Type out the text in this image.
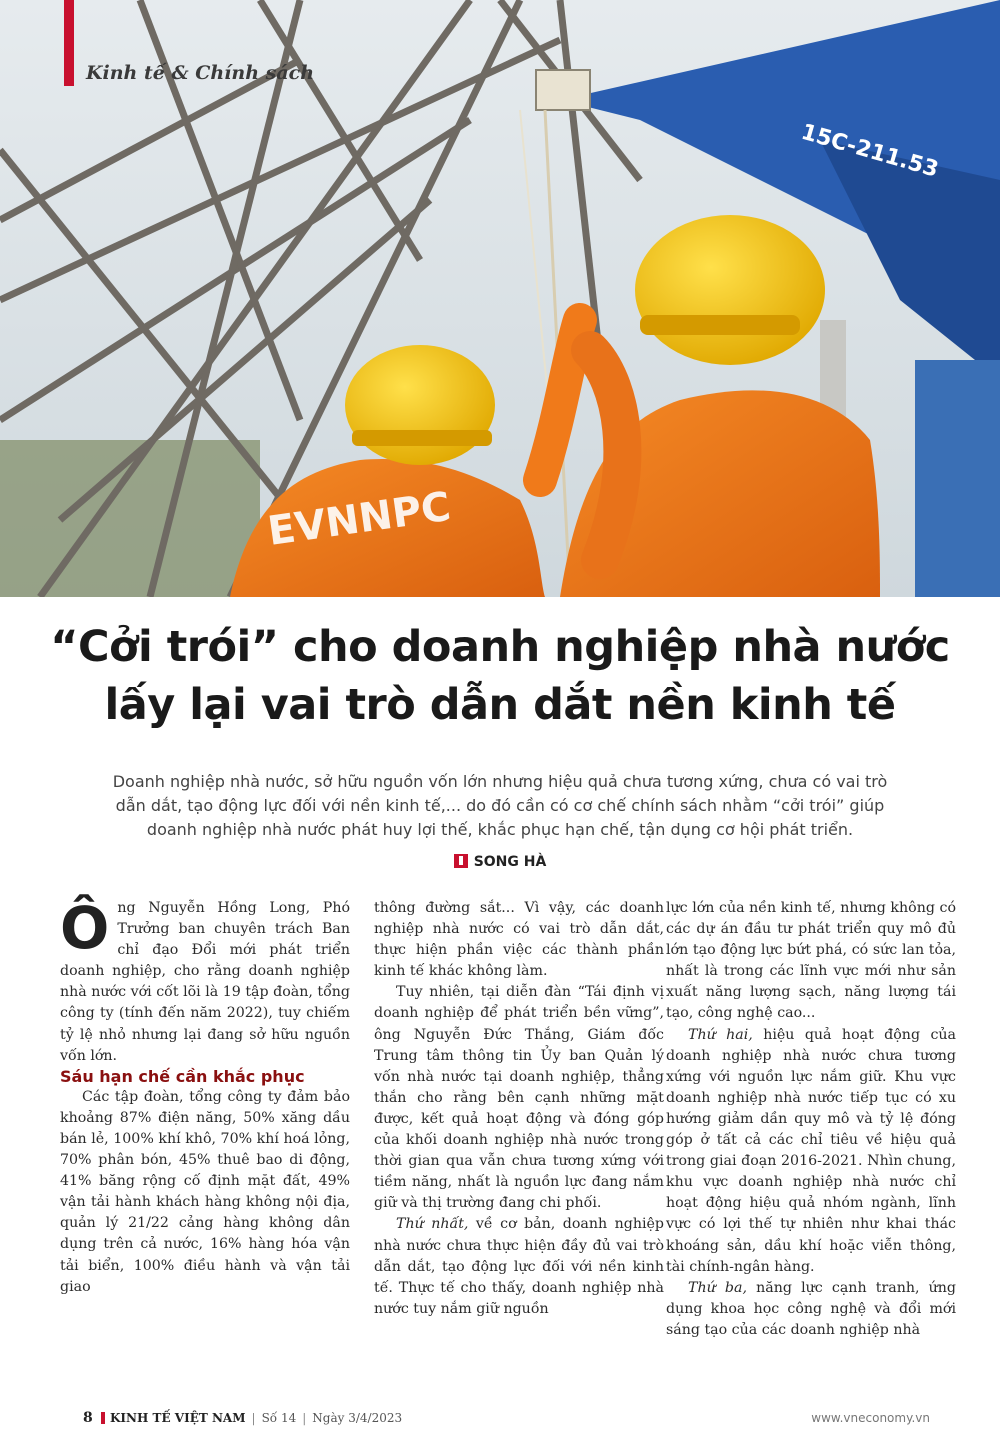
15C-211.53
EVNNPC
Kinh tế & Chính sách
“Cởi trói” cho doanh nghiệp nhà nước
lấy lại vai trò dẫn dắt nền kinh tế
Doanh nghiệp nhà nước, sở hữu nguồn vốn lớn nhưng hiệu quả chưa tương xứng, chưa có vai trò dẫn dắt, tạo động lực đối với nền kinh tế,... do đó cần có cơ chế chính sách nhằm “cởi trói” giúp doanh nghiệp nhà nước phát huy lợi thế, khắc phục hạn chế, tận dụng cơ hội phát triển.
SONG HÀ

Ông Nguyễn Hồng Long, Phó Trưởng ban chuyên trách Ban chỉ đạo Đổi mới phát triển doanh nghiệp, cho rằng doanh nghiệp nhà nước với cốt lõi là 19 tập đoàn, tổng công ty (tính đến năm 2022), tuy chiếm tỷ lệ nhỏ nhưng lại đang sở hữu nguồn vốn lớn.

Sáu hạn chế cần khắc phục

Các tập đoàn, tổng công ty đảm bảo khoảng 87% điện năng, 50% xăng dầu bán lẻ, 100% khí khô, 70% khí hoá lỏng, 70% phân bón, 45% thuê bao di động, 41% băng rộng cố định mặt đất, 49% vận tải hành khách hàng không nội địa, quản lý 21/22 cảng hàng không dân dụng trên cả nước, 16% hàng hóa vận tải biển, 100% điều hành và vận tải giao

thông đường sắt... Vì vậy, các doanh nghiệp nhà nước có vai trò dẫn dắt, thực hiện phần việc các thành phần kinh tế khác không làm.

Tuy nhiên, tại diễn đàn “Tái định vị doanh nghiệp để phát triển bền vững”, ông Nguyễn Đức Thắng, Giám đốc Trung tâm thông tin Ủy ban Quản lý vốn nhà nước tại doanh nghiệp, thẳng thắn cho rằng bên cạnh những mặt được, kết quả hoạt động và đóng góp của khối doanh nghiệp nhà nước trong thời gian qua vẫn chưa tương xứng với tiềm năng, nhất là nguồn lực đang nắm giữ và thị trường đang chi phối.

Thứ nhất, về cơ bản, doanh nghiệp nhà nước chưa thực hiện đầy đủ vai trò dẫn dắt, tạo động lực đối với nền kinh tế. Thực tế cho thấy, doanh nghiệp nhà nước tuy nắm giữ nguồn

lực lớn của nền kinh tế, nhưng không có các dự án đầu tư phát triển quy mô đủ lớn tạo động lực bứt phá, có sức lan tỏa, nhất là trong các lĩnh vực mới như sản xuất năng lượng sạch, năng lượng tái tạo, công nghệ cao...

Thứ hai, hiệu quả hoạt động của doanh nghiệp nhà nước chưa tương xứng với nguồn lực nắm giữ. Khu vực doanh nghiệp nhà nước tiếp tục có xu hướng giảm dần quy mô và tỷ lệ đóng góp ở tất cả các chỉ tiêu về hiệu quả trong giai đoạn 2016-2021. Nhìn chung, khu vực doanh nghiệp nhà nước chỉ hoạt động hiệu quả nhóm ngành, lĩnh vực có lợi thế tự nhiên như khai thác khoáng sản, dầu khí hoặc viễn thông, tài chính-ngân hàng.

Thứ ba, năng lực cạnh tranh, ứng dụng khoa học công nghệ và đổi mới sáng tạo của các doanh nghiệp nhà

8 KINH TẾ VIỆT NAM | Số 14 | Ngày 3/4/2023	www.vneconomy.vn
